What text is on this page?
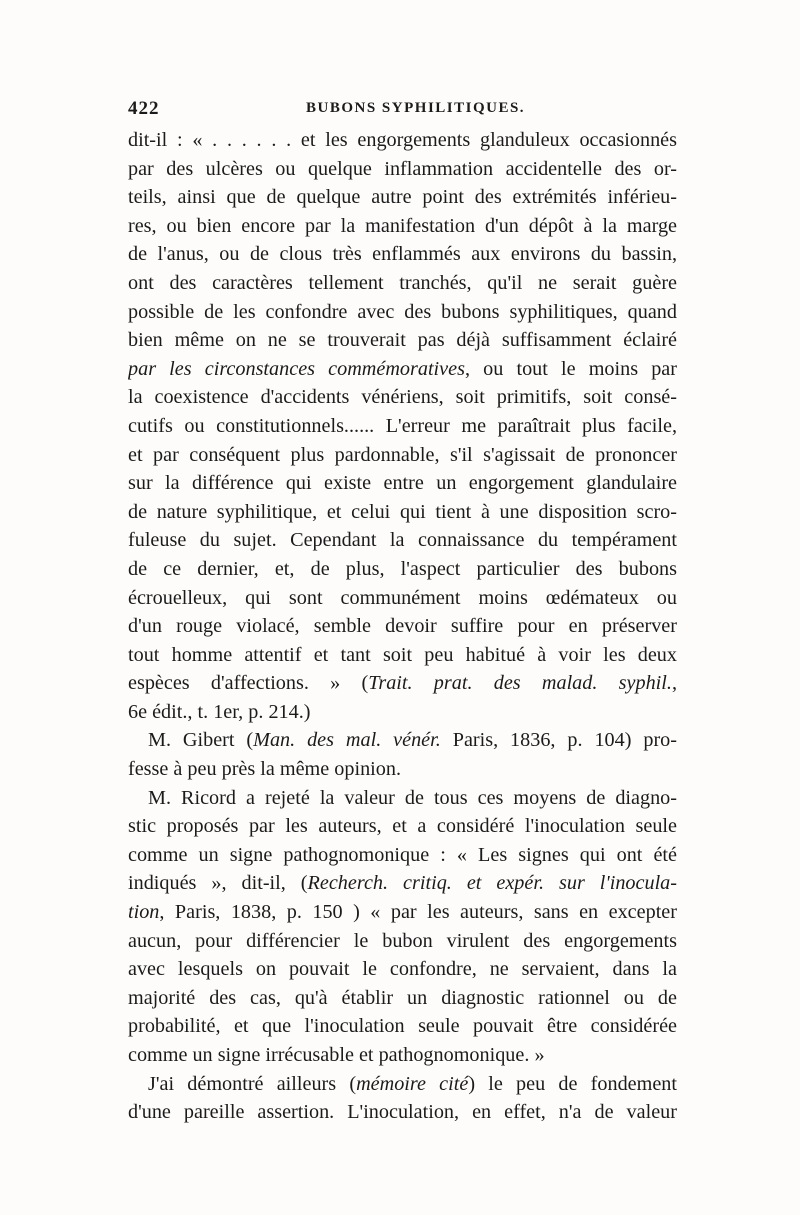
422	BUBONS SYPHILITIQUES.
dit-il : « . . . . . . et les engorgements glanduleux occasionnés
par des ulcères ou quelque inflammation accidentelle des or-
teils, ainsi que de quelque autre point des extrémités inférieu-
res, ou bien encore par la manifestation d'un dépôt à la marge
de l'anus, ou de clous très enflammés aux environs du bassin,
ont des caractères tellement tranchés, qu'il ne serait guère
possible de les confondre avec des bubons syphilitiques, quand
bien même on ne se trouverait pas déjà suffisamment éclairé
par les circonstances commémoratives, ou tout le moins par
la coexistence d'accidents vénériens, soit primitifs, soit consé-
cutifs ou constitutionnels...... L'erreur me paraîtrait plus facile,
et par conséquent plus pardonnable, s'il s'agissait de prononcer
sur la différence qui existe entre un engorgement glandulaire
de nature syphilitique, et celui qui tient à une disposition scro-
fuleuse du sujet. Cependant la connaissance du tempérament
de ce dernier, et, de plus, l'aspect particulier des bubons
écrouelleux, qui sont communément moins œdémateux ou
d'un rouge violacé, semble devoir suffire pour en préserver
tout homme attentif et tant soit peu habitué à voir les deux
espèces d'affections. » (Trait. prat. des malad. syphil.,
6e édit., t. 1er, p. 214.)
M. Gibert (Man. des mal. vénér. Paris, 1836, p. 104) pro-
fesse à peu près la même opinion.
M. Ricord a rejeté la valeur de tous ces moyens de diagno-
stic proposés par les auteurs, et a considéré l'inoculation seule
comme un signe pathognomonique : « Les signes qui ont été
indiqués », dit-il, (Recherch. critiq. et expér. sur l'inocula-
tion, Paris, 1838, p. 150 ) « par les auteurs, sans en excepter
aucun, pour différencier le bubon virulent des engorgements
avec lesquels on pouvait le confondre, ne servaient, dans la
majorité des cas, qu'à établir un diagnostic rationnel ou de
probabilité, et que l'inoculation seule pouvait être considérée
comme un signe irrécusable et pathognomonique. »
J'ai démontré ailleurs (mémoire cité) le peu de fondement
d'une pareille assertion. L'inoculation, en effet, n'a de valeur
